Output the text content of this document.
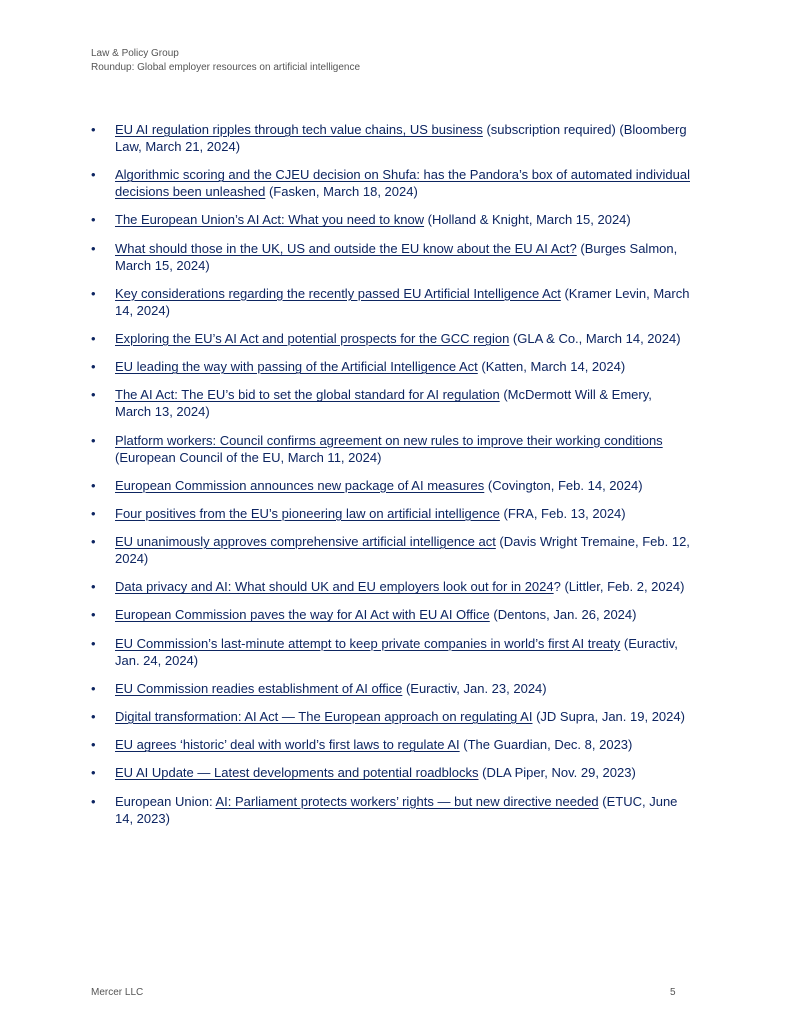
Law & Policy Group
Roundup: Global employer resources on artificial intelligence
• EU AI regulation ripples through tech value chains, US business (subscription required) (Bloomberg Law, March 21, 2024)
• Algorithmic scoring and the CJEU decision on Shufa: has the Pandora’s box of automated individual decisions been unleashed (Fasken, March 18, 2024)
• The European Union’s AI Act: What you need to know (Holland & Knight, March 15, 2024)
• What should those in the UK, US and outside the EU know about the EU AI Act? (Burges Salmon, March 15, 2024)
• Key considerations regarding the recently passed EU Artificial Intelligence Act (Kramer Levin, March 14, 2024)
• Exploring the EU’s AI Act and potential prospects for the GCC region (GLA & Co., March 14, 2024)
• EU leading the way with passing of the Artificial Intelligence Act (Katten, March 14, 2024)
• The AI Act: The EU’s bid to set the global standard for AI regulation (McDermott Will & Emery, March 13, 2024)
• Platform workers: Council confirms agreement on new rules to improve their working conditions (European Council of the EU, March 11, 2024)
• European Commission announces new package of AI measures (Covington, Feb. 14, 2024)
• Four positives from the EU’s pioneering law on artificial intelligence (FRA, Feb. 13, 2024)
• EU unanimously approves comprehensive artificial intelligence act (Davis Wright Tremaine, Feb. 12, 2024)
• Data privacy and AI: What should UK and EU employers look out for in 2024? (Littler, Feb. 2, 2024)
• European Commission paves the way for AI Act with EU AI Office (Dentons, Jan. 26, 2024)
• EU Commission’s last-minute attempt to keep private companies in world’s first AI treaty (Euractiv, Jan. 24, 2024)
• EU Commission readies establishment of AI office (Euractiv, Jan. 23, 2024)
• Digital transformation: AI Act — The European approach on regulating AI (JD Supra, Jan. 19, 2024)
• EU agrees ‘historic’ deal with world’s first laws to regulate AI (The Guardian, Dec. 8, 2023)
• EU AI Update — Latest developments and potential roadblocks (DLA Piper, Nov. 29, 2023)
• European Union: AI: Parliament protects workers’ rights — but new directive needed (ETUC, June 14, 2023)
Mercer LLC	5
